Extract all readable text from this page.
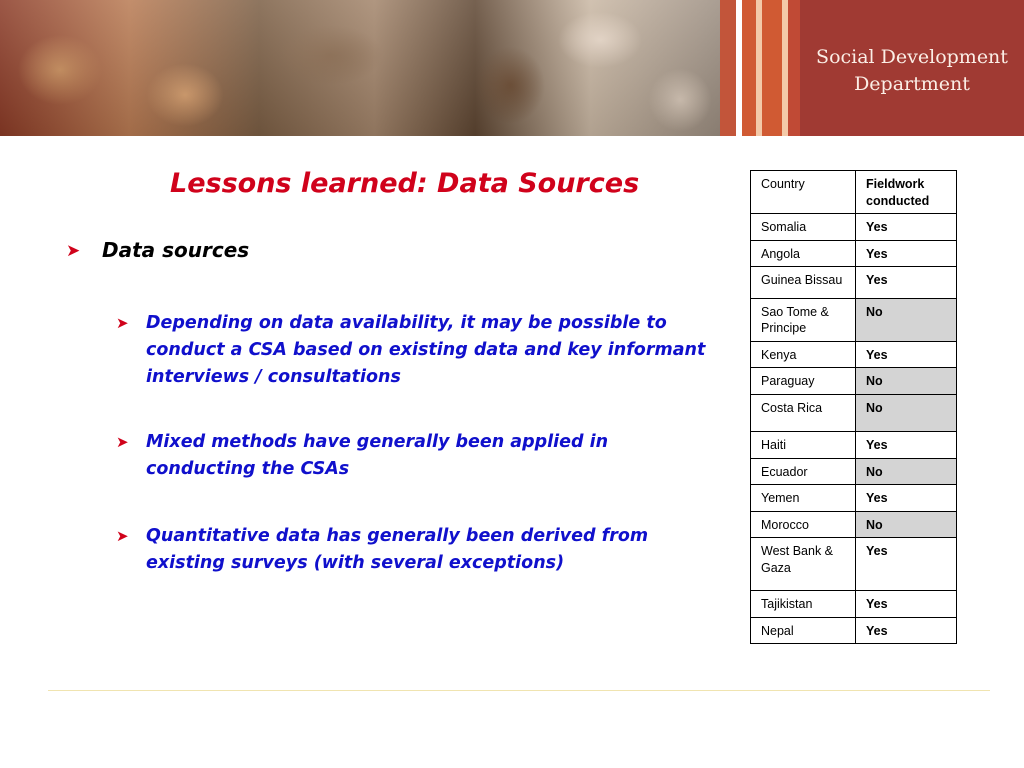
Social Development
Department
Lessons learned: Data Sources
➤ Data sources
➤ Depending on data availability, it may be possible to conduct a CSA based on existing data and key informant interviews / consultations
➤ Mixed methods have generally been applied in conducting the CSAs
➤ Quantitative data has generally been derived from existing surveys (with several exceptions)
Country	Fieldwork conducted
Somalia	Yes
Angola	Yes
Guinea Bissau	Yes
Sao Tome & Principe	No
Kenya	Yes
Paraguay	No
Costa Rica	No
Haiti	Yes
Ecuador	No
Yemen	Yes
Morocco	No
West Bank & Gaza	Yes
Tajikistan	Yes
Nepal	Yes
